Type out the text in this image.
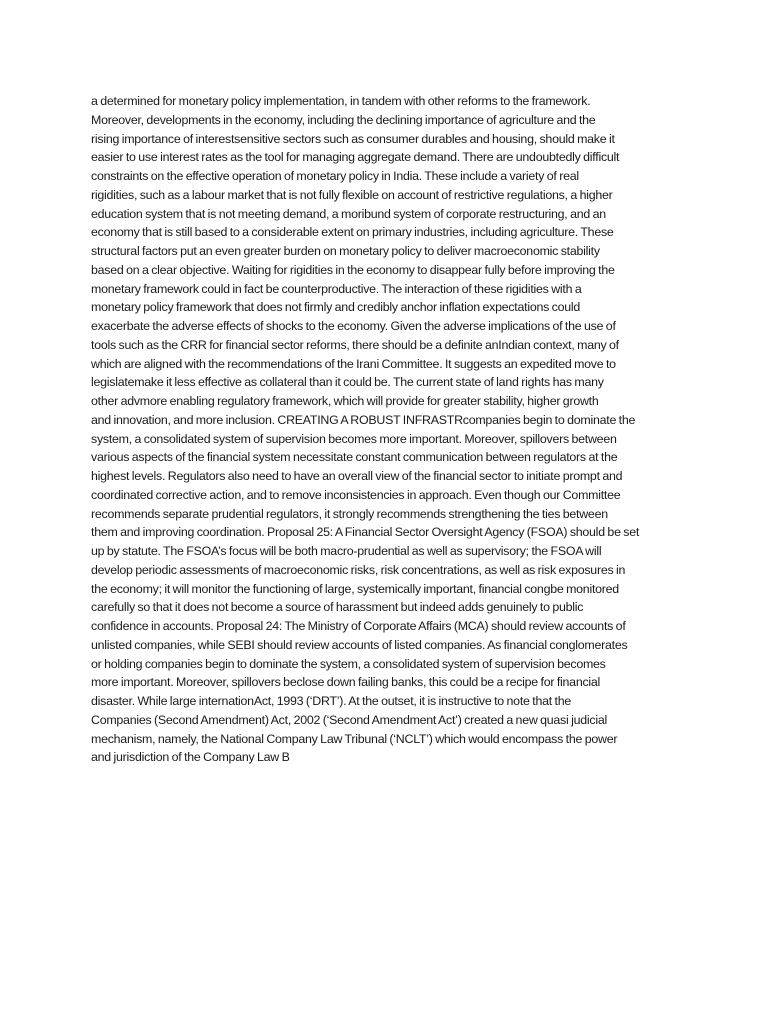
a determined for monetary policy implementation, in tandem with other reforms to the framework.
Moreover, developments in the economy, including the declining importance of agriculture and the
rising importance of interestsensitive sectors such as consumer durables and housing, should make it
easier to use interest rates as the tool for managing aggregate demand. There are undoubtedly difficult
constraints on the effective operation of monetary policy in India. These include a variety of real
rigidities, such as a labour market that is not fully flexible on account of restrictive regulations, a higher
education system that is not meeting demand, a moribund system of corporate restructuring, and an
economy that is still based to a considerable extent on primary industries, including agriculture. These
structural factors put an even greater burden on monetary policy to deliver macroeconomic stability
based on a clear objective. Waiting for rigidities in the economy to disappear fully before improving the
monetary framework could in fact be counterproductive. The interaction of these rigidities with a
monetary policy framework that does not firmly and credibly anchor inflation expectations could
exacerbate the adverse effects of shocks to the economy. Given the adverse implications of the use of
tools such as the CRR for financial sector reforms, there should be a definite anIndian context, many of
which are aligned with the recommendations of the Irani Committee. It suggests an expedited move to
legislatemake it less effective as collateral than it could be. The current state of land rights has many
other advmore enabling regulatory framework, which will provide for greater stability, higher growth
and innovation, and more inclusion. CREATING A ROBUST INFRASTRcompanies begin to dominate the
system, a consolidated system of supervision becomes more important. Moreover, spillovers between
various aspects of the financial system necessitate constant communication between regulators at the
highest levels. Regulators also need to have an overall view of the financial sector to initiate prompt and
coordinated corrective action, and to remove inconsistencies in approach. Even though our Committee
recommends separate prudential regulators, it strongly recommends strengthening the ties between
them and improving coordination. Proposal 25: A Financial Sector Oversight Agency (FSOA) should be set
up by statute. The FSOA’s focus will be both macro-prudential as well as supervisory; the FSOA will
develop periodic assessments of macroeconomic risks, risk concentrations, as well as risk exposures in
the economy; it will monitor the functioning of large, systemically important, financial congbe monitored
carefully so that it does not become a source of harassment but indeed adds genuinely to public
confidence in accounts. Proposal 24: The Ministry of Corporate Affairs (MCA) should review accounts of
unlisted companies, while SEBI should review accounts of listed companies. As financial conglomerates
or holding companies begin to dominate the system, a consolidated system of supervision becomes
more important. Moreover, spillovers beclose down failing banks, this could be a recipe for financial
disaster. While large internationAct, 1993 (‘DRT’). At the outset, it is instructive to note that the
Companies (Second Amendment) Act, 2002 (‘Second Amendment Act’) created a new quasi judicial
mechanism, namely, the National Company Law Tribunal (‘NCLT’) which would encompass the power
and jurisdiction of the Company Law B
